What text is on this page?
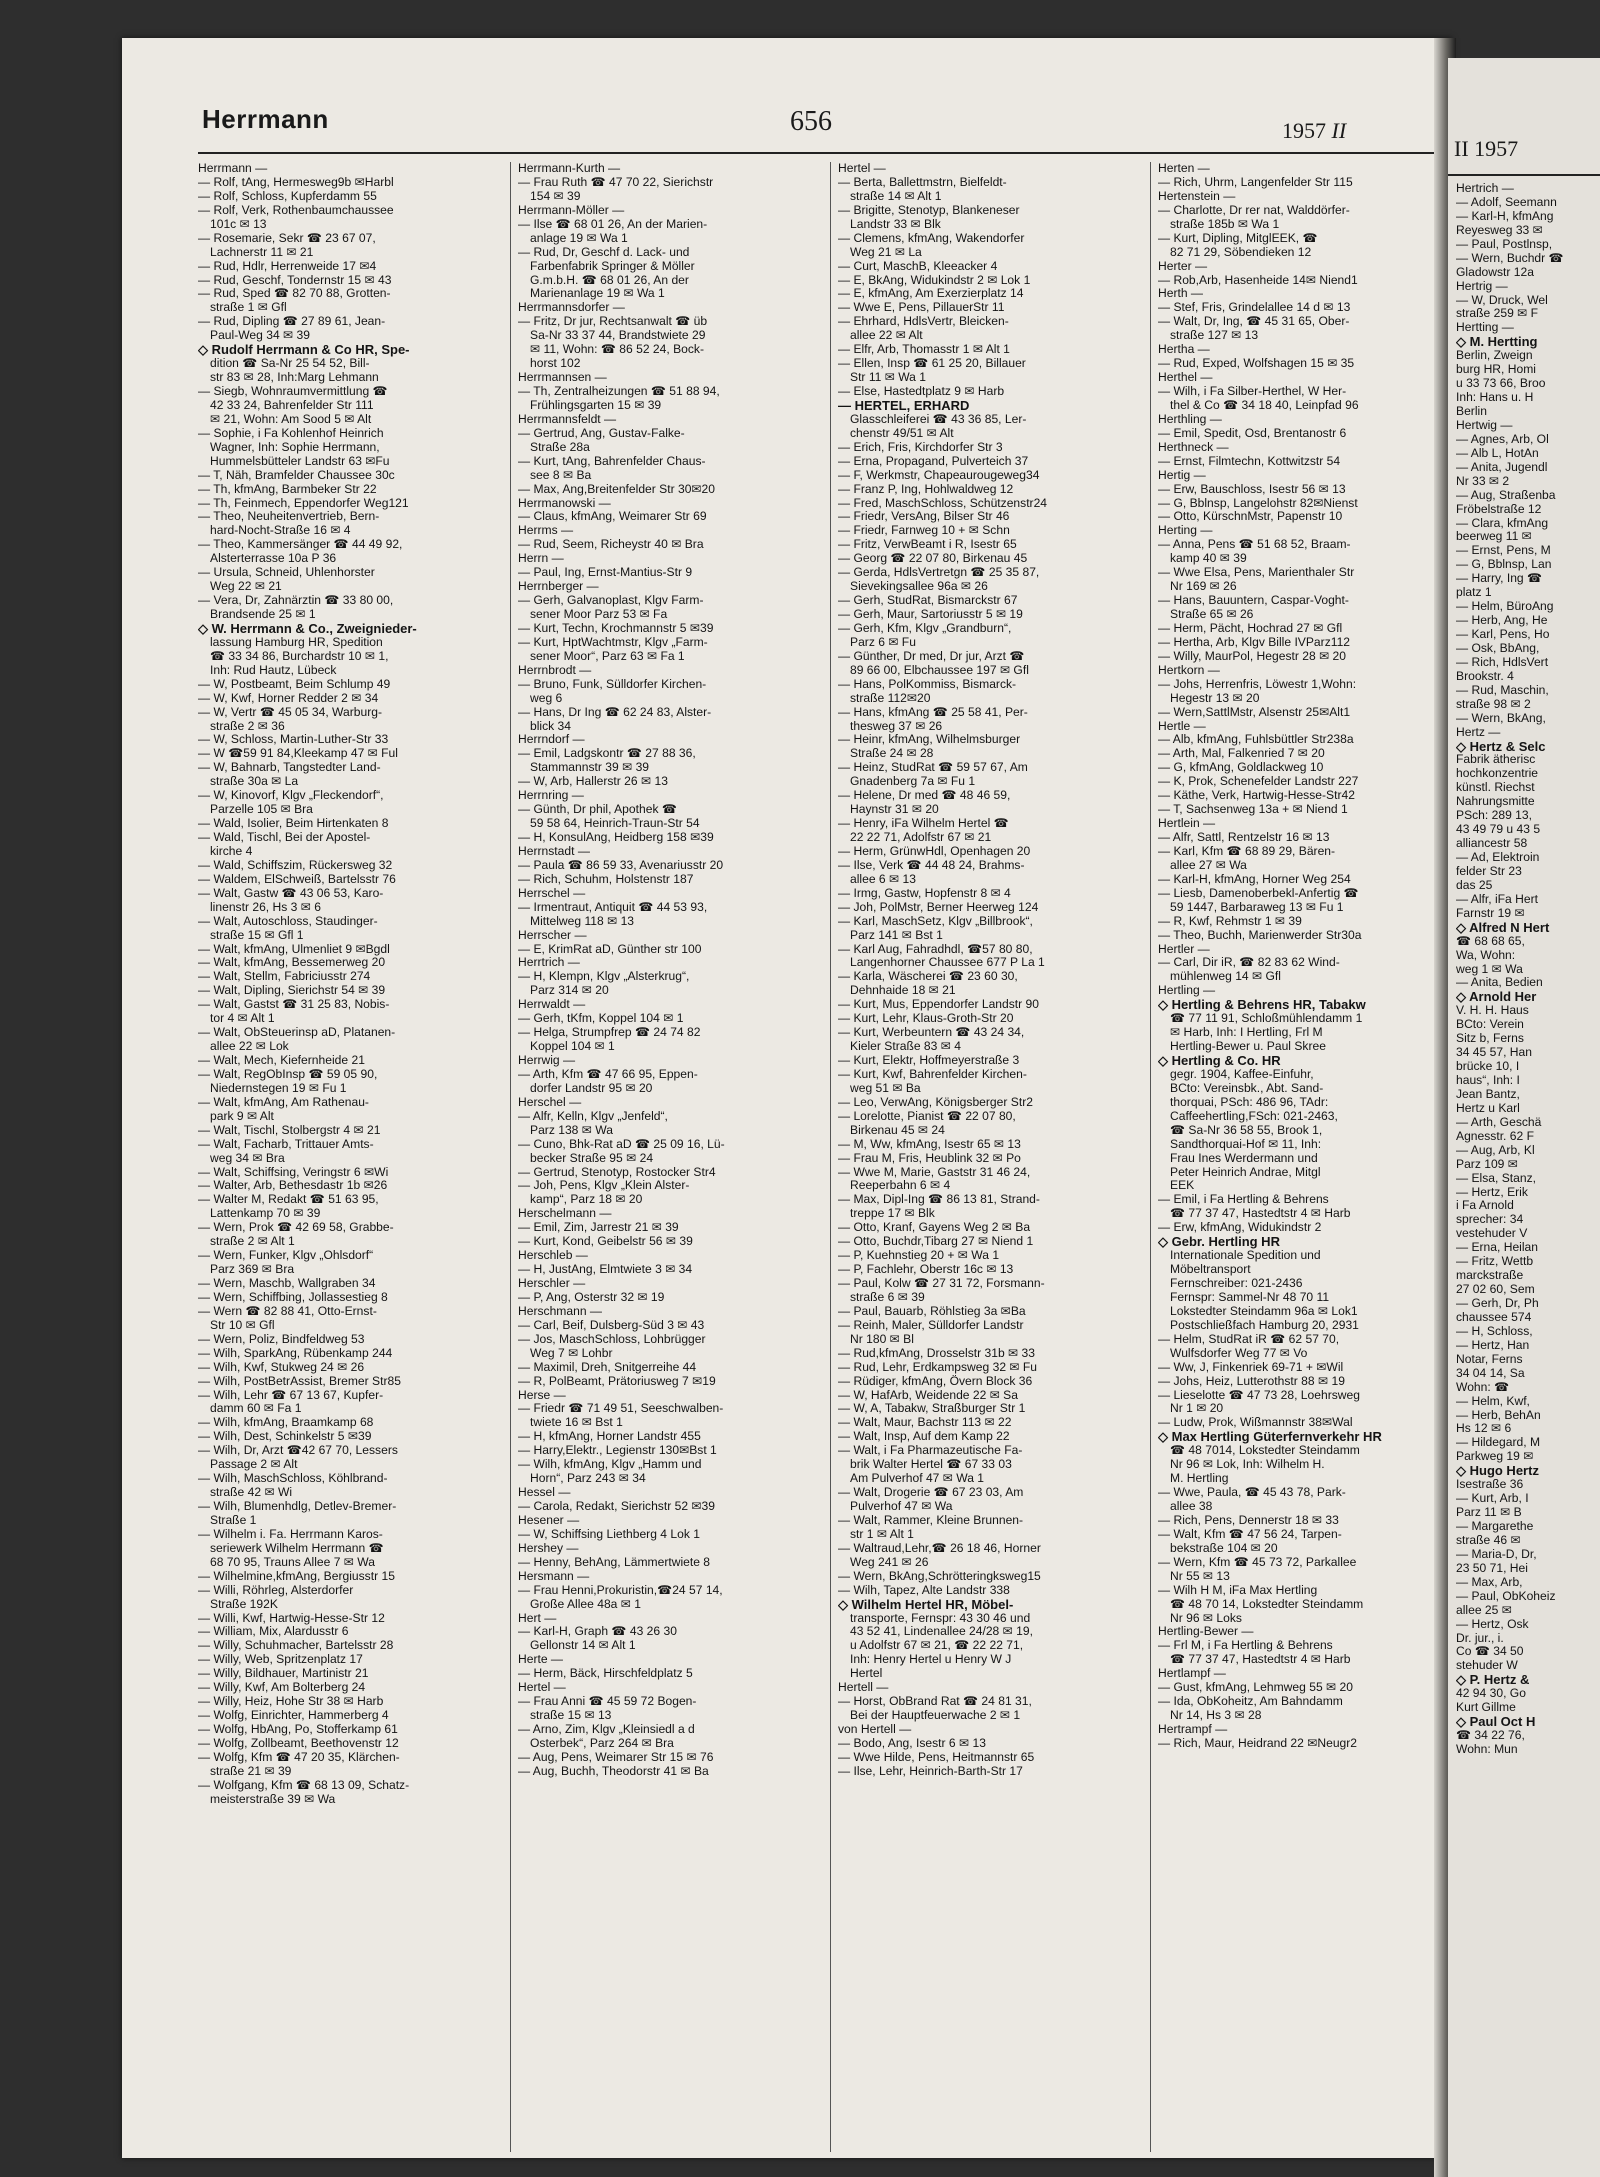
Herrmann	656	1957 II

Herrmann —

— Rolf, tAng, Hermesweg9b ✉Harbl

— Rolf, Schloss, Kupferdamm 55

— Rolf, Verk, Rothenbaumchaussee

101c ✉ 13

— Rosemarie, Sekr ☎ 23 67 07,

Lachnerstr 11 ✉ 21

— Rud, Hdlr, Herrenweide 17 ✉4

— Rud, Geschf, Tondernstr 15 ✉ 43

— Rud, Sped ☎ 82 70 88, Grotten-

straße 1 ✉ Gfl

— Rud, Dipling ☎ 27 89 61, Jean-

Paul-Weg 34 ✉ 39

◇ Rudolf Herrmann & Co HR, Spe-

dition ☎ Sa-Nr 25 54 52, Bill-

str 83 ✉ 28, Inh:Marg Lehmann

— Siegb, Wohnraumvermittlung ☎

42 33 24, Bahrenfelder Str 111

✉ 21, Wohn: Am Sood 5 ✉ Alt

— Sophie, i Fa Kohlenhof Heinrich

Wagner, Inh: Sophie Herrmann,

Hummelsbütteler Landstr 63 ✉Fu

— T, Näh, Bramfelder Chaussee 30c

— Th, kfmAng, Barmbeker Str 22

— Th, Feinmech, Eppendorfer Weg121

— Theo, Neuheitenvertrieb, Bern-

hard-Nocht-Straße 16 ✉ 4

— Theo, Kammersänger ☎ 44 49 92,

Alsterterrasse 10a P 36

— Ursula, Schneid, Uhlenhorster

Weg 22 ✉ 21

— Vera, Dr, Zahnärztin ☎ 33 80 00,

Brandsende 25 ✉ 1

◇ W. Herrmann & Co., Zweignieder-

lassung Hamburg HR, Spedition

☎ 33 34 86, Burchardstr 10 ✉ 1,

Inh: Rud Hautz, Lübeck

— W, Postbeamt, Beim Schlump 49

— W, Kwf, Horner Redder 2 ✉ 34

— W, Vertr ☎ 45 05 34, Warburg-

straße 2 ✉ 36

— W, Schloss, Martin-Luther-Str 33

— W ☎59 91 84,Kleekamp 47 ✉ Ful

— W, Bahnarb, Tangstedter Land-

straße 30a ✉ La

— W, Kinovorf, Klgv „Fleckendorf“,

Parzelle 105 ✉ Bra

— Wald, Isolier, Beim Hirtenkaten 8

— Wald, Tischl, Bei der Apostel-

kirche 4

— Wald, Schiffszim, Rückersweg 32

— Waldem, ElSchweiß, Bartelsstr 76

— Walt, Gastw ☎ 43 06 53, Karo-

linenstr 26, Hs 3 ✉ 6

— Walt, Autoschloss, Staudinger-

straße 15 ✉ Gfl 1

— Walt, kfmAng, Ulmenliet 9 ✉Bgdl

— Walt, kfmAng, Bessemerweg 20

— Walt, Stellm, Fabriciusstr 274

— Walt, Dipling, Sierichstr 54 ✉ 39

— Walt, Gastst ☎ 31 25 83, Nobis-

tor 4 ✉ Alt 1

— Walt, ObSteuerinsp aD, Platanen-

allee 22 ✉ Lok

— Walt, Mech, Kiefernheide 21

— Walt, RegObInsp ☎ 59 05 90,

Niedernstegen 19 ✉ Fu 1

— Walt, kfmAng, Am Rathenau-

park 9 ✉ Alt

— Walt, Tischl, Stolbergstr 4 ✉ 21

— Walt, Facharb, Trittauer Amts-

weg 34 ✉ Bra

— Walt, Schiffsing, Veringstr 6 ✉Wi

— Walter, Arb, Bethesdastr 1b ✉26

— Walter M, Redakt ☎ 51 63 95,

Lattenkamp 70 ✉ 39

— Wern, Prok ☎ 42 69 58, Grabbe-

straße 2 ✉ Alt 1

— Wern, Funker, Klgv „Ohlsdorf“

Parz 369 ✉ Bra

— Wern, Maschb, Wallgraben 34

— Wern, Schiffbing, Jollassestieg 8

— Wern ☎ 82 88 41, Otto-Ernst-

Str 10 ✉ Gfl

— Wern, Poliz, Bindfeldweg 53

— Wilh, SparkAng, Rübenkamp 244

— Wilh, Kwf, Stukweg 24 ✉ 26

— Wilh, PostBetrAssist, Bremer Str85

— Wilh, Lehr ☎ 67 13 67, Kupfer-

damm 60 ✉ Fa 1

— Wilh, kfmAng, Braamkamp 68

— Wilh, Dest, Schinkelstr 5 ✉39

— Wilh, Dr, Arzt ☎42 67 70, Lessers

Passage 2 ✉ Alt

— Wilh, MaschSchloss, Köhlbrand-

straße 42 ✉ Wi

— Wilh, Blumenhdlg, Detlev-Bremer-

Straße 1

— Wilhelm i. Fa. Herrmann Karos-

seriewerk Wilhelm Herrmann ☎

68 70 95, Trauns Allee 7 ✉ Wa

— Wilhelmine,kfmAng, Bergiusstr 15

— Willi, Röhrleg, Alsterdorfer

Straße 192K

— Willi, Kwf, Hartwig-Hesse-Str 12

— William, Mix, Alardusstr 6

— Willy, Schuhmacher, Bartelsstr 28

— Willy, Web, Spritzenplatz 17

— Willy, Bildhauer, Martinistr 21

— Willy, Kwf, Am Bolterberg 24

— Willy, Heiz, Hohe Str 38 ✉ Harb

— Wolfg, Einrichter, Hammerberg 4

— Wolfg, HbAng, Po, Stofferkamp 61

— Wolfg, Zollbeamt, Beethovenstr 12

— Wolfg, Kfm ☎ 47 20 35, Klärchen-

straße 21 ✉ 39

— Wolfgang, Kfm ☎ 68 13 09, Schatz-

meisterstraße 39 ✉ Wa

Herrmann-Kurth —

— Frau Ruth ☎ 47 70 22, Sierichstr

154 ✉ 39

Herrmann-Möller —

— Ilse ☎ 68 01 26, An der Marien-

anlage 19 ✉ Wa 1

— Rud, Dr, Geschf d. Lack- und

Farbenfabrik Springer & Möller

G.m.b.H. ☎ 68 01 26, An der

Marienanlage 19 ✉ Wa 1

Herrmannsdorfer —

— Fritz, Dr jur, Rechtsanwalt ☎ üb

Sa-Nr 33 37 44, Brandstwiete 29

✉ 11, Wohn: ☎ 86 52 24, Bock-

horst 102

Herrmannsen —

— Th, Zentralheizungen ☎ 51 88 94,

Frühlingsgarten 15 ✉ 39

Herrmannsfeldt —

— Gertrud, Ang, Gustav-Falke-

Straße 28a

— Kurt, tAng, Bahrenfelder Chaus-

see 8 ✉ Ba

— Max, Ang,Breitenfelder Str 30✉20

Herrmanowski —

— Claus, kfmAng, Weimarer Str 69

Herrms —

— Rud, Seem, Richeystr 40 ✉ Bra

Herrn —

— Paul, Ing, Ernst-Mantius-Str 9

Herrnberger —

— Gerh, Galvanoplast, Klgv Farm-

sener Moor Parz 53 ✉ Fa

— Kurt, Techn, Krochmannstr 5 ✉39

— Kurt, HptWachtmstr, Klgv „Farm-

sener Moor“, Parz 63 ✉ Fa 1

Herrnbrodt —

— Bruno, Funk, Sülldorfer Kirchen-

weg 6

— Hans, Dr Ing ☎ 62 24 83, Alster-

blick 34

Herrndorf —

— Emil, Ladgskontr ☎ 27 88 36,

Stammannstr 39 ✉ 39

— W, Arb, Hallerstr 26 ✉ 13

Herrnring —

— Günth, Dr phil, Apothek ☎

59 58 64, Heinrich-Traun-Str 54

— H, KonsulAng, Heidberg 158 ✉39

Herrnstadt —

— Paula ☎ 86 59 33, Avenariusstr 20

— Rich, Schuhm, Holstenstr 187

Herrschel —

— Irmentraut, Antiquit ☎ 44 53 93,

Mittelweg 118 ✉ 13

Herrscher —

— E, KrimRat aD, Günther str 100

Herrtrich —

— H, Klempn, Klgv „Alsterkrug“,

Parz 314 ✉ 20

Herrwaldt —

— Gerh, tKfm, Koppel 104 ✉ 1

— Helga, Strumpfrep ☎ 24 74 82

Koppel 104 ✉ 1

Herrwig —

— Arth, Kfm ☎ 47 66 95, Eppen-

dorfer Landstr 95 ✉ 20

Herschel —

— Alfr, Kelln, Klgv „Jenfeld“,

Parz 138 ✉ Wa

— Cuno, Bhk-Rat aD ☎ 25 09 16, Lü-

becker Straße 95 ✉ 24

— Gertrud, Stenotyp, Rostocker Str4

— Joh, Pens, Klgv „Klein Alster-

kamp“, Parz 18 ✉ 20

Herschelmann —

— Emil, Zim, Jarrestr 21 ✉ 39

— Kurt, Kond, Geibelstr 56 ✉ 39

Herschleb —

— H, JustAng, Elmtwiete 3 ✉ 34

Herschler —

— P, Ang, Osterstr 32 ✉ 19

Herschmann —

— Carl, Beif, Dulsberg-Süd 3 ✉ 43

— Jos, MaschSchloss, Lohbrügger

Weg 7 ✉ Lohbr

— Maximil, Dreh, Snitgerreihe 44

— R, PolBeamt, Prätoriusweg 7 ✉19

Herse —

— Friedr ☎ 71 49 51, Seeschwalben-

twiete 16 ✉ Bst 1

— H, kfmAng, Horner Landstr 455

— Harry,Elektr., Legienstr 130✉Bst 1

— Wilh, kfmAng, Klgv „Hamm und

Horn“, Parz 243 ✉ 34

Hessel —

— Carola, Redakt, Sierichstr 52 ✉39

Hesener —

— W, Schiffsing Liethberg 4 Lok 1

Hershey —

— Henny, BehAng, Lämmertwiete 8

Hersmann —

— Frau Henni,Prokuristin,☎24 57 14,

Große Allee 48a ✉ 1

Hert —

— Karl-H, Graph ☎ 43 26 30

Gellonstr 14 ✉ Alt 1

Herte —

— Herm, Bäck, Hirschfeldplatz 5

Hertel —

— Frau Anni ☎ 45 59 72 Bogen-

straße 15 ✉ 13

— Arno, Zim, Klgv „Kleinsiedl a d

Osterbek“, Parz 264 ✉ Bra

— Aug, Pens, Weimarer Str 15 ✉ 76

— Aug, Buchh, Theodorstr 41 ✉ Ba

Hertel —

— Berta, Ballettmstrn, Bielfeldt-

straße 14 ✉ Alt 1

— Brigitte, Stenotyp, Blankeneser

Landstr 33 ✉ Blk

— Clemens, kfmAng, Wakendorfer

Weg 21 ✉ La

— Curt, MaschB, Kleeacker 4

— E, BkAng, Widukindstr 2 ✉ Lok 1

— E, kfmAng, Am Exerzierplatz 14

— Wwe E, Pens, PillauerStr 11

— Ehrhard, HdlsVertr, Bleicken-

allee 22 ✉ Alt

— Elfr, Arb, Thomasstr 1 ✉ Alt 1

— Ellen, Insp ☎ 61 25 20, Billauer

Str 11 ✉ Wa 1

— Else, Hastedtplatz 9 ✉ Harb

— HERTEL, ERHARD

Glasschleiferei ☎ 43 36 85, Ler-

chenstr 49/51 ✉ Alt

— Erich, Fris, Kirchdorfer Str 3

— Erna, Propagand, Pulverteich 37

— F, Werkmstr, Chapeaurougeweg34

— Franz P, Ing, Hohlwaldweg 12

— Fred, MaschSchloss, Schützenstr24

— Friedr, VersAng, Bilser Str 46

— Friedr, Farnweg 10 + ✉ Schn

— Fritz, VerwBeamt i R, Isestr 65

— Georg ☎ 22 07 80, Birkenau 45

— Gerda, HdlsVertretgn ☎ 25 35 87,

Sievekingsallee 96a ✉ 26

— Gerh, StudRat, Bismarckstr 67

— Gerh, Maur, Sartoriusstr 5 ✉ 19

— Gerh, Kfm, Klgv „Grandburn“,

Parz 6 ✉ Fu

— Günther, Dr med, Dr jur, Arzt ☎

89 66 00, Elbchaussee 197 ✉ Gfl

— Hans, PolKommiss, Bismarck-

straße 112✉20

— Hans, kfmAng ☎ 25 58 41, Per-

thesweg 37 ✉ 26

— Heinr, kfmAng, Wilhelmsburger

Straße 24 ✉ 28

— Heinz, StudRat ☎ 59 57 67, Am

Gnadenberg 7a ✉ Fu 1

— Helene, Dr med ☎ 48 46 59,

Haynstr 31 ✉ 20

— Henry, iFa Wilhelm Hertel ☎

22 22 71, Adolfstr 67 ✉ 21

— Herm, GrünwHdl, Openhagen 20

— Ilse, Verk ☎ 44 48 24, Brahms-

allee 6 ✉ 13

— Irmg, Gastw, Hopfenstr 8 ✉ 4

— Joh, PolMstr, Berner Heerweg 124

— Karl, MaschSetz, Klgv „Billbrook“,

Parz 141 ✉ Bst 1

— Karl Aug, Fahradhdl, ☎57 80 80,

Langenhorner Chaussee 677 P La 1

— Karla, Wäscherei ☎ 23 60 30,

Dehnhaide 18 ✉ 21

— Kurt, Mus, Eppendorfer Landstr 90

— Kurt, Lehr, Klaus-Groth-Str 20

— Kurt, Werbeuntern ☎ 43 24 34,

Kieler Straße 83 ✉ 4

— Kurt, Elektr, Hoffmeyerstraße 3

— Kurt, Kwf, Bahrenfelder Kirchen-

weg 51 ✉ Ba

— Leo, VerwAng, Königsberger Str2

— Lorelotte, Pianist ☎ 22 07 80,

Birkenau 45 ✉ 24

— M, Ww, kfmAng, Isestr 65 ✉ 13

— Frau M, Fris, Heublink 32 ✉ Po

— Wwe M, Marie, Gaststr 31 46 24,

Reeperbahn 6 ✉ 4

— Max, Dipl-Ing ☎ 86 13 81, Strand-

treppe 17 ✉ Blk

— Otto, Kranf, Gayens Weg 2 ✉ Ba

— Otto, Buchdr,Tibarg 27 ✉ Niend 1

— P, Kuehnstieg 20 + ✉ Wa 1

— P, Fachlehr, Oberstr 16c ✉ 13

— Paul, Kolw ☎ 27 31 72, Forsmann-

straße 6 ✉ 39

— Paul, Bauarb, Röhlstieg 3a ✉Ba

— Reinh, Maler, Sülldorfer Landstr

Nr 180 ✉ Bl

— Rud,kfmAng, Drosselstr 31b ✉ 33

— Rud, Lehr, Erdkampsweg 32 ✉ Fu

— Rüdiger, kfmAng, Övern Block 36

— W, HafArb, Weidende 22 ✉ Sa

— W, A, Tabakw, Straßburger Str 1

— Walt, Maur, Bachstr 113 ✉ 22

— Walt, Insp, Auf dem Kamp 22

— Walt, i Fa Pharmazeutische Fa-

brik Walter Hertel ☎ 67 33 03

Am Pulverhof 47 ✉ Wa 1

— Walt, Drogerie ☎ 67 23 03, Am

Pulverhof 47 ✉ Wa

— Walt, Rammer, Kleine Brunnen-

str 1 ✉ Alt 1

— Waltraud,Lehr,☎ 26 18 46, Horner

Weg 241 ✉ 26

— Wern, BkAng,Schrötteringksweg15

— Wilh, Tapez, Alte Landstr 338

◇ Wilhelm Hertel HR, Möbel-

transporte, Fernspr: 43 30 46 und

43 52 41, Lindenallee 24/28 ✉ 19,

u Adolfstr 67 ✉ 21, ☎ 22 22 71,

Inh: Henry Hertel u Henry W J

Hertel

Hertell —

— Horst, ObBrand Rat ☎ 24 81 31,

Bei der Hauptfeuerwache 2 ✉ 1

von Hertell —

— Bodo, Ang, Isestr 6 ✉ 13

— Wwe Hilde, Pens, Heitmannstr 65

— Ilse, Lehr, Heinrich-Barth-Str 17

Herten —

— Rich, Uhrm, Langenfelder Str 115

Hertenstein —

— Charlotte, Dr rer nat, Walddörfer-

straße 185b ✉ Wa 1

— Kurt, Dipling, MitglEEK, ☎

82 71 29, Söbendieken 12

Herter —

— Rob,Arb, Hasenheide 14✉ Niend1

Herth —

— Stef, Fris, Grindelallee 14 d ✉ 13

— Walt, Dr, Ing, ☎ 45 31 65, Ober-

straße 127 ✉ 13

Hertha —

— Rud, Exped, Wolfshagen 15 ✉ 35

Herthel —

— Wilh, i Fa Silber-Herthel, W Her-

thel & Co ☎ 34 18 40, Leinpfad 96

Herthling —

— Emil, Spedit, Osd, Brentanostr 6

Herthneck —

— Ernst, Filmtechn, Kottwitzstr 54

Hertig —

— Erw, Bauschloss, Isestr 56 ✉ 13

— G, Bblnsp, Langelohstr 82✉Nienst

— Otto, KürschnMstr, Papenstr 10

Herting —

— Anna, Pens ☎ 51 68 52, Braam-

kamp 40 ✉ 39

— Wwe Elsa, Pens, Marienthaler Str

Nr 169 ✉ 26

— Hans, Bauuntern, Caspar-Voght-

Straße 65 ✉ 26

— Herm, Pächt, Hochrad 27 ✉ Gfl

— Hertha, Arb, Klgv Bille IVParz112

— Willy, MaurPol, Hegestr 28 ✉ 20

Hertkorn —

— Johs, Herrenfris, Löwestr 1,Wohn:

Hegestr 13 ✉ 20

— Wern,SattlMstr, Alsenstr 25✉Alt1

Hertle —

— Alb, kfmAng, Fuhlsbüttler Str238a

— Arth, Mal, Falkenried 7 ✉ 20

— G, kfmAng, Goldlackweg 10

— K, Prok, Schenefelder Landstr 227

— Käthe, Verk, Hartwig-Hesse-Str42

— T, Sachsenweg 13a + ✉ Niend 1

Hertlein —

— Alfr, Sattl, Rentzelstr 16 ✉ 13

— Karl, Kfm ☎ 68 89 29, Bären-

allee 27 ✉ Wa

— Karl-H, kfmAng, Horner Weg 254

— Liesb, Damenoberbekl-Anfertig ☎

59 1447, Barbaraweg 13 ✉ Fu 1

— R, Kwf, Rehmstr 1 ✉ 39

— Theo, Buchh, Marienwerder Str30a

Hertler —

— Carl, Dir iR, ☎ 82 83 62 Wind-

mühlenweg 14 ✉ Gfl

Hertling —

◇ Hertling & Behrens HR, Tabakw

☎ 77 11 91, Schloßmühlendamm 1

✉ Harb, Inh: I Hertling, Frl M

Hertling-Bewer u. Paul Skree

◇ Hertling & Co. HR

gegr. 1904, Kaffee-Einfuhr,

BCto: Vereinsbk., Abt. Sand-

thorquai, PSch: 486 96, TAdr:

Caffeehertling,FSch: 021-2463,

☎ Sa-Nr 36 58 55, Brook 1,

Sandthorquai-Hof ✉ 11, Inh:

Frau Ines Werdermann und

Peter Heinrich Andrae, Mitgl

EEK

— Emil, i Fa Hertling & Behrens

☎ 77 37 47, Hastedtstr 4 ✉ Harb

— Erw, kfmAng, Widukindstr 2

◇ Gebr. Hertling HR

Internationale Spedition und

Möbeltransport

Fernschreiber: 021-2436

Fernspr: Sammel-Nr 48 70 11

Lokstedter Steindamm 96a ✉ Lok1

Postschließfach Hamburg 20, 2931

— Helm, StudRat iR ☎ 62 57 70,

Wulfsdorfer Weg 77 ✉ Vo

— Ww, J, Finkenriek 69-71 + ✉Wil

— Johs, Heiz, Lutterothstr 88 ✉ 19

— Lieselotte ☎ 47 73 28, Loehrsweg

Nr 1 ✉ 20

— Ludw, Prok, Wißmannstr 38✉Wal

◇ Max Hertling Güterfernverkehr HR

☎ 48 7014, Lokstedter Steindamm

Nr 96 ✉ Lok, Inh: Wilhelm H.

M. Hertling

— Wwe, Paula, ☎ 45 43 78, Park-

allee 38

— Rich, Pens, Dennerstr 18 ✉ 33

— Walt, Kfm ☎ 47 56 24, Tarpen-

bekstraße 104 ✉ 20

— Wern, Kfm ☎ 45 73 72, Parkallee

Nr 55 ✉ 13

— Wilh H M, iFa Max Hertling

☎ 48 70 14, Lokstedter Steindamm

Nr 96 ✉ Loks

Hertling-Bewer —

— Frl M, i Fa Hertling & Behrens

☎ 77 37 47, Hastedtstr 4 ✉ Harb

Hertlampf —

— Gust, kfmAng, Lehmweg 55 ✉ 20

— Ida, ObKoheitz, Am Bahndamm

Nr 14, Hs 3 ✉ 28

Hertrampf —

— Rich, Maur, Heidrand 22 ✉Neugr2

II 1957

Hertrich —

— Adolf, Seemann

— Karl-H, kfmAng

Reyesweg 33 ✉

— Paul, Postlnsp,

— Wern, Buchdr ☎

Gladowstr 12a

Hertrig —

— W, Druck, Wel

straße 259 ✉ F

Hertting —

◇ M. Hertting

Berlin, Zweign

burg HR, Homi

u 33 73 66, Broo

Inh: Hans u. H

Berlin

Hertwig —

— Agnes, Arb, Ol

— Alb L, HotAn

— Anita, Jugendl

Nr 33 ✉ 2

— Aug, Straßenba

Fröbelstraße 12

— Clara, kfmAng

beerweg 11 ✉

— Ernst, Pens, M

— G, Bblnsp, Lan

— Harry, Ing ☎

platz 1

— Helm, BüroAng

— Herb, Ang, He

— Karl, Pens, Ho

— Osk, BbAng,

— Rich, HdlsVert

Brookstr. 4

— Rud, Maschin,

straße 98 ✉ 2

— Wern, BkAng,

Hertz —

◇ Hertz & Selc

Fabrik ätherisc

hochkonzentrie

künstl. Riechst

Nahrungsmitte

PSch: 289 13,

43 49 79 u 43 5

alliancestr 58

— Ad, Elektroin

felder Str 23

das 25

— Alfr, iFa Hert

Farnstr 19 ✉

◇ Alfred N Hert

☎ 68 68 65,

Wa, Wohn:

weg 1 ✉ Wa

— Anita, Bedien

◇ Arnold Her

V. H. H. Haus

BCto: Verein

Sitz b, Ferns

34 45 57, Han

brücke 10, I

haus“, Inh: I

Jean Bantz,

Hertz u Karl

— Arth, Geschä

Agnesstr. 62 F

— Aug, Arb, Kl

Parz 109 ✉

— Elsa, Stanz,

— Hertz, Erik

i Fa Arnold

sprecher: 34

vestehuder V

— Erna, Heilan

— Fritz, Wettb

marckstraße

27 02 60, Sem

— Gerh, Dr, Ph

chaussee 574

— H, Schloss,

— Hertz, Han

Notar, Ferns

34 04 14, Sa

Wohn: ☎

— Helm, Kwf,

— Herb, BehAn

Hs 12 ✉ 6

— Hildegard, M

Parkweg 19 ✉

◇ Hugo Hertz

Isestraße 36

— Kurt, Arb, I

Parz 11 ✉ B

— Margarethe

straße 46 ✉

— Maria-D, Dr,

23 50 71, Hei

— Max, Arb,

— Paul, ObKoheiz

allee 25 ✉

— Hertz, Osk

Dr. jur., i.

Co ☎ 34 50

stehuder W

◇ P. Hertz &

42 94 30, Go

Kurt Gillme

◇ Paul Oct H

☎ 34 22 76,

Wohn: Mun
